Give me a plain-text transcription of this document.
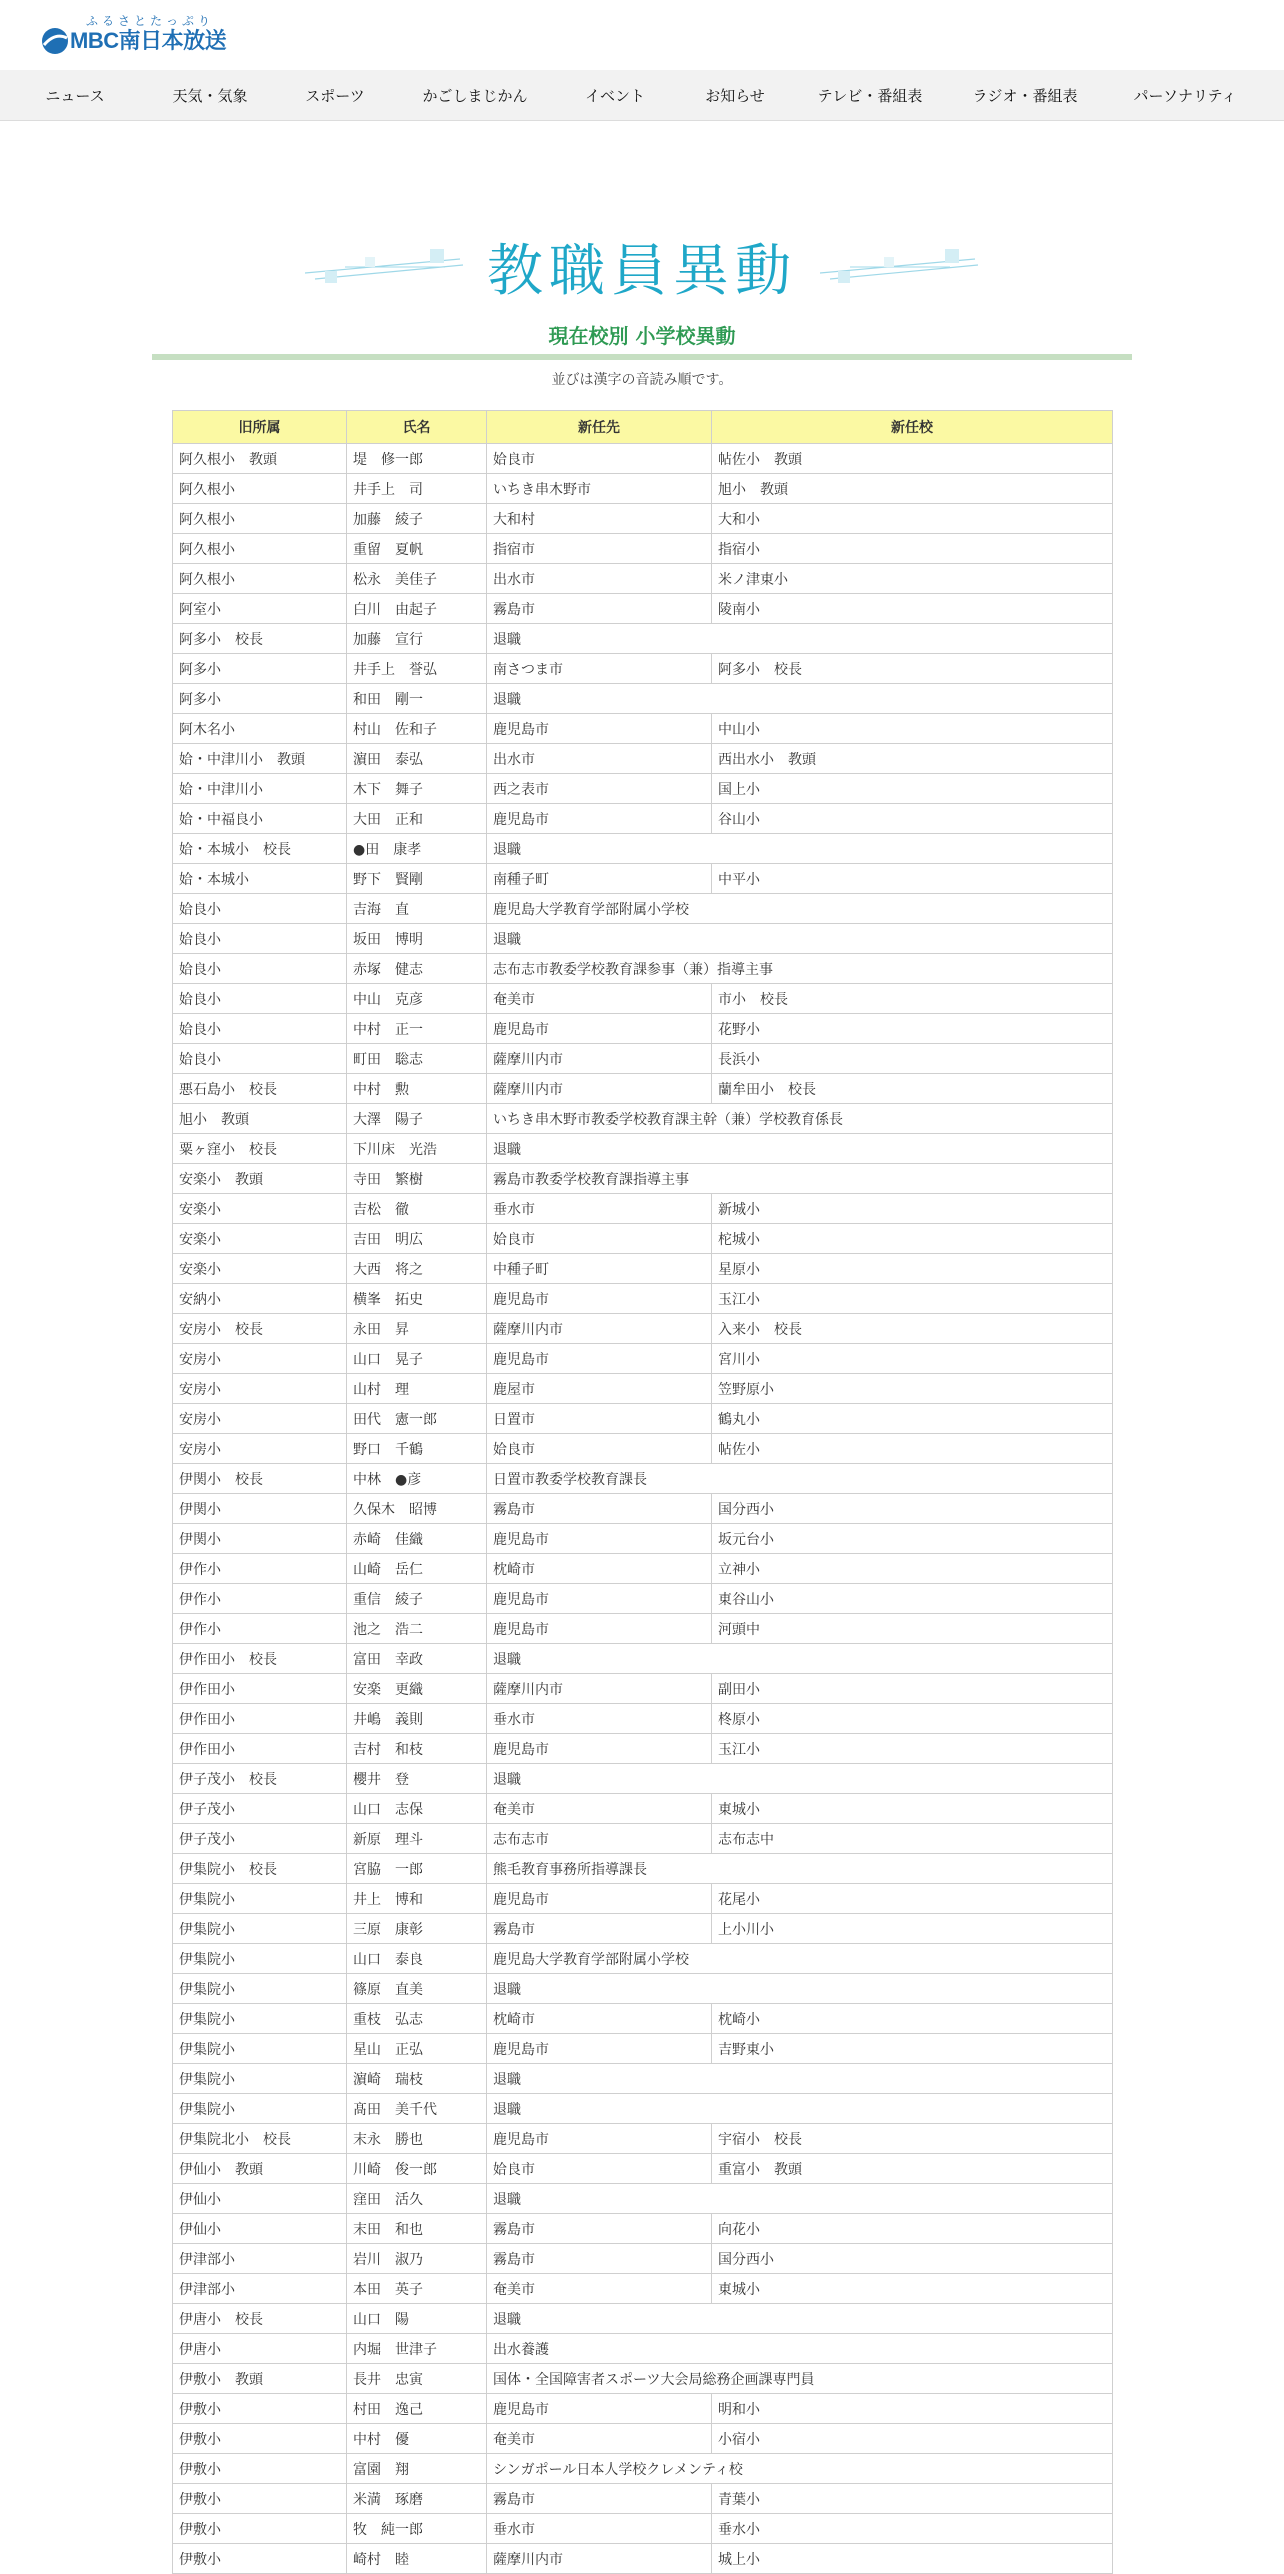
ふるさとたっぷり
MBC南日本放送
ニュース	天気・気象	スポーツ	かごしまじかん	イベント	お知らせ	テレビ・番組表	ラジオ・番組表	パーソナリティ
教職員異動
現在校別 小学校異動
並びは漢字の音読み順です。
旧所属	氏名	新任先	新任校
阿久根小　教頭	堤　修一郎	姶良市	帖佐小　教頭
阿久根小	井手上　司	いちき串木野市	旭小　教頭
阿久根小	加藤　綾子	大和村	大和小
阿久根小	重留　夏帆	指宿市	指宿小
阿久根小	松永　美佳子	出水市	米ノ津東小
阿室小	白川　由起子	霧島市	陵南小
阿多小　校長	加藤　宣行	退職	
阿多小	井手上　誉弘	南さつま市	阿多小　校長
阿多小	和田　剛一	退職	
阿木名小	村山　佐和子	鹿児島市	中山小
姶・中津川小　教頭	濵田　泰弘	出水市	西出水小　教頭
姶・中津川小	木下　舞子	西之表市	国上小
姶・中福良小	大田　正和	鹿児島市	谷山小
姶・本城小　校長	●田　康孝	退職	
姶・本城小	野下　賢剛	南種子町	中平小
姶良小	吉海　直	鹿児島大学教育学部附属小学校	
姶良小	坂田　博明	退職	
姶良小	赤塚　健志	志布志市教委学校教育課参事（兼）指導主事	
姶良小	中山　克彦	奄美市	市小　校長
姶良小	中村　正一	鹿児島市	花野小
姶良小	町田　聡志	薩摩川内市	長浜小
悪石島小　校長	中村　勲	薩摩川内市	蘭牟田小　校長
旭小　教頭	大澤　陽子	いちき串木野市教委学校教育課主幹（兼）学校教育係長	
粟ヶ窪小　校長	下川床　光浩	退職	
安楽小　教頭	寺田　繁樹	霧島市教委学校教育課指導主事	
安楽小	吉松　徹	垂水市	新城小
安楽小	吉田　明広	姶良市	柁城小
安楽小	大西　将之	中種子町	星原小
安納小	横峯　拓史	鹿児島市	玉江小
安房小　校長	永田　昇	薩摩川内市	入来小　校長
安房小	山口　晃子	鹿児島市	宮川小
安房小	山村　理	鹿屋市	笠野原小
安房小	田代　憲一郎	日置市	鶴丸小
安房小	野口　千鶴	姶良市	帖佐小
伊関小　校長	中林　●彦	日置市教委学校教育課長	
伊関小	久保木　昭博	霧島市	国分西小
伊関小	赤崎　佳織	鹿児島市	坂元台小
伊作小	山崎　岳仁	枕崎市	立神小
伊作小	重信　綾子	鹿児島市	東谷山小
伊作小	池之　浩二	鹿児島市	河頭中
伊作田小　校長	富田　幸政	退職	
伊作田小	安楽　更織	薩摩川内市	副田小
伊作田小	井嶋　義則	垂水市	柊原小
伊作田小	吉村　和枝	鹿児島市	玉江小
伊子茂小　校長	櫻井　登	退職	
伊子茂小	山口　志保	奄美市	東城小
伊子茂小	新原　理斗	志布志市	志布志中
伊集院小　校長	宮脇　一郎	熊毛教育事務所指導課長	
伊集院小	井上　博和	鹿児島市	花尾小
伊集院小	三原　康彰	霧島市	上小川小
伊集院小	山口　泰良	鹿児島大学教育学部附属小学校	
伊集院小	篠原　直美	退職	
伊集院小	重枝　弘志	枕崎市	枕崎小
伊集院小	星山　正弘	鹿児島市	吉野東小
伊集院小	濵崎　瑞枝	退職	
伊集院小	髙田　美千代	退職	
伊集院北小　校長	末永　勝也	鹿児島市	宇宿小　校長
伊仙小　教頭	川崎　俊一郎	姶良市	重富小　教頭
伊仙小	窪田　活久	退職	
伊仙小	末田　和也	霧島市	向花小
伊津部小	岩川　淑乃	霧島市	国分西小
伊津部小	本田　英子	奄美市	東城小
伊唐小　校長	山口　陽	退職	
伊唐小	内堀　世津子	出水養護	
伊敷小　教頭	長井　忠寅	国体・全国障害者スポーツ大会局総務企画課専門員	
伊敷小	村田　逸己	鹿児島市	明和小
伊敷小	中村　優	奄美市	小宿小
伊敷小	富園　翔	シンガポール日本人学校クレメンティ校	
伊敷小	米満　琢磨	霧島市	青葉小
伊敷小	牧　純一郎	垂水市	垂水小
伊敷小	崎村　睦	薩摩川内市	城上小
